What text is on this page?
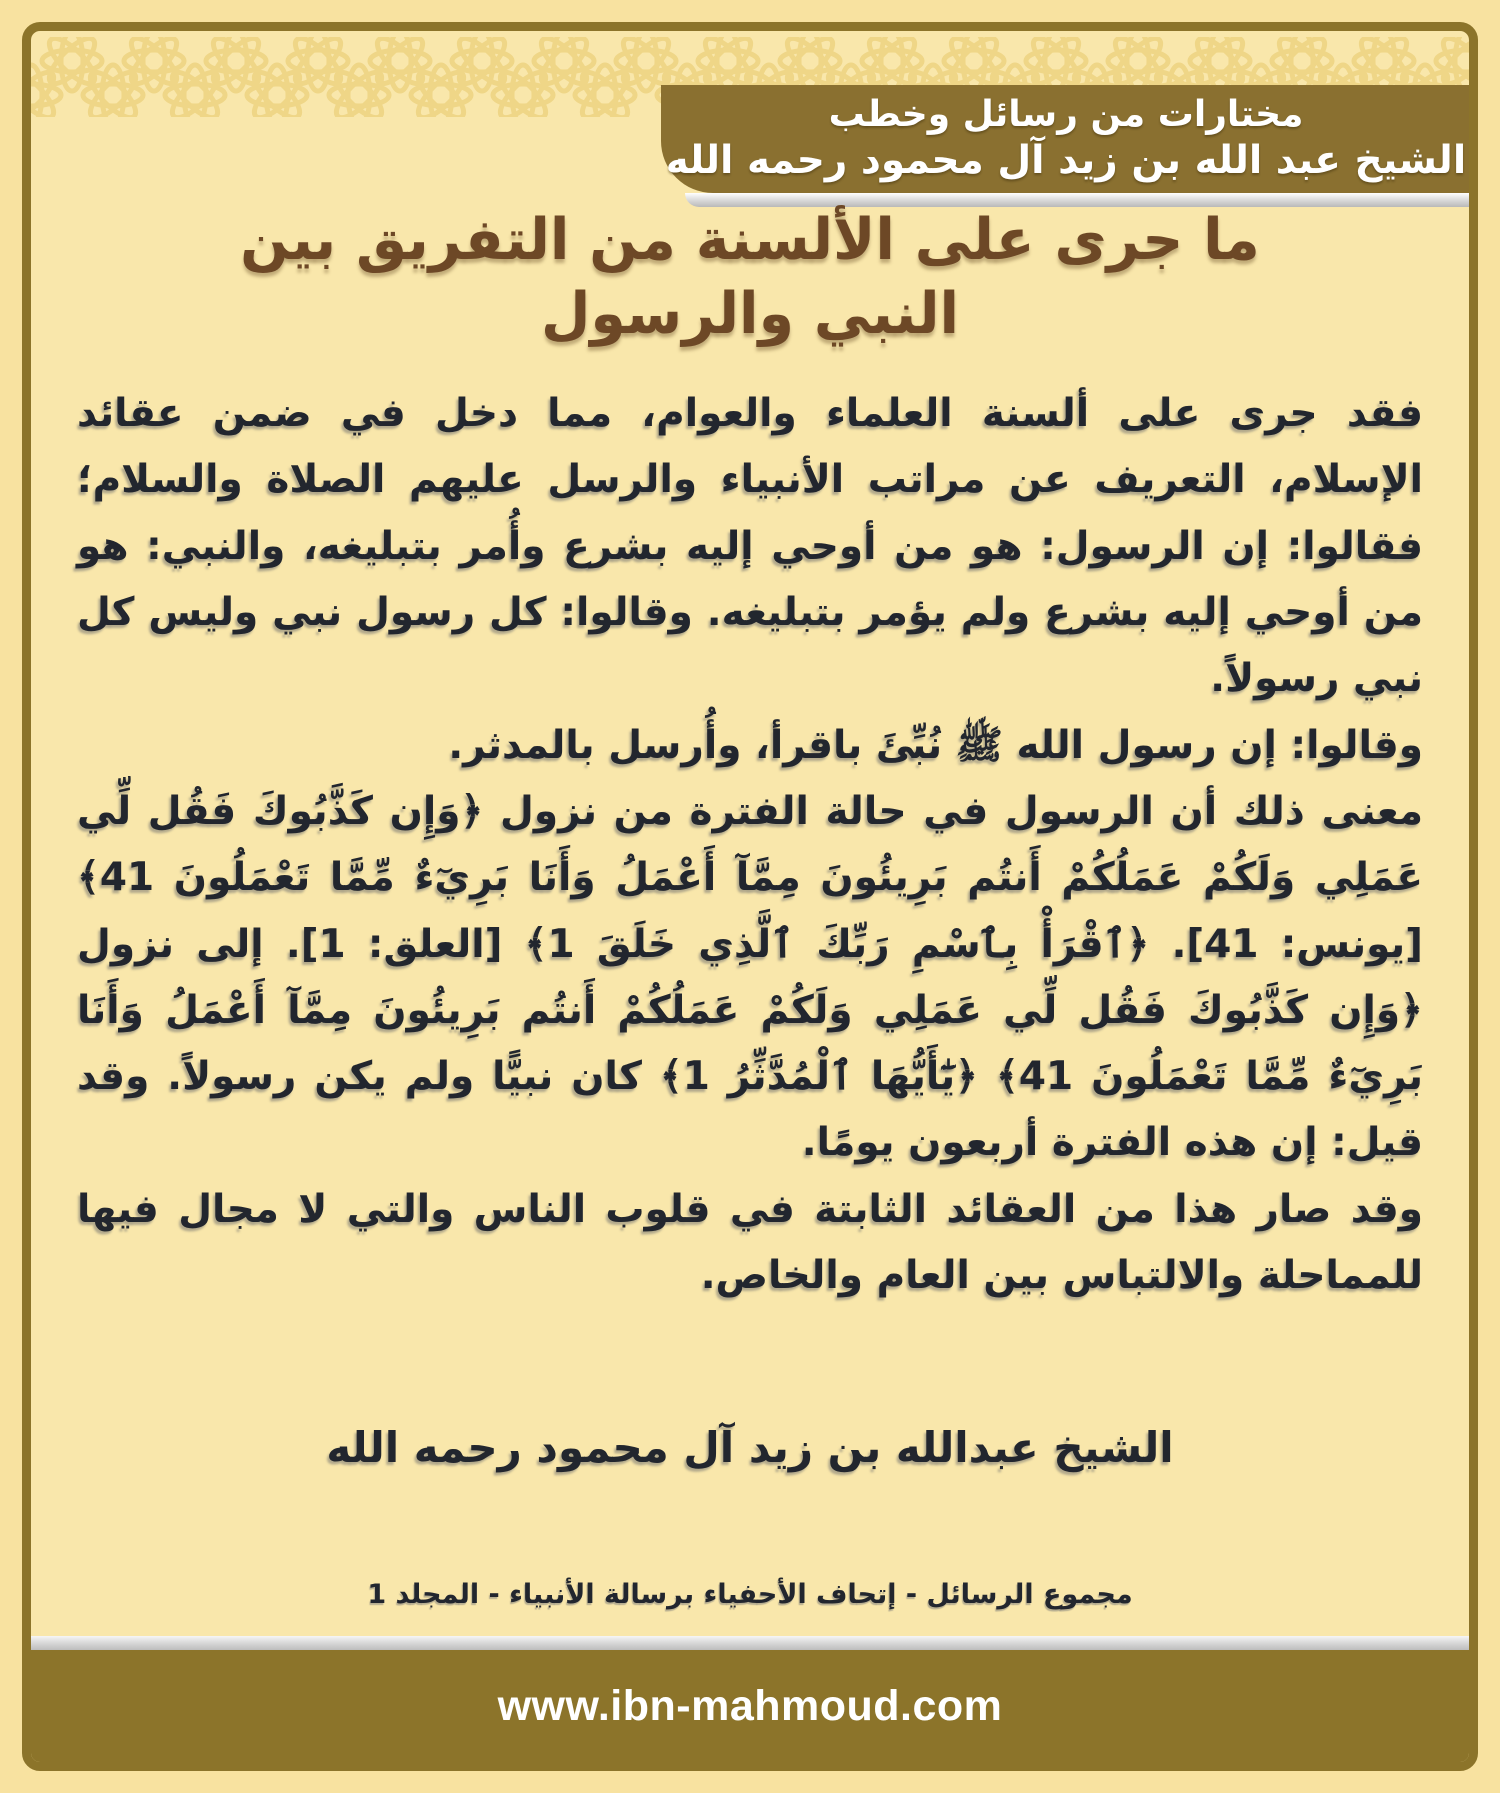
مختارات من رسائل وخطب
الشيخ عبد الله بن زيد آل محمود رحمه الله
ما جرى على الألسنة من التفريق بين النبي والرسول

فقد جرى على ألسنة العلماء والعوام، مما دخل في ضمن عقائد الإسلام، التعريف عن مراتب الأنبياء والرسل عليهم الصلاة والسلام؛ فقالوا: إن الرسول: هو من أوحي إليه بشرع وأُمر بتبليغه، والنبي: هو من أوحي إليه بشرع ولم يؤمر بتبليغه. وقالوا: كل رسول نبي وليس كل نبي رسولاً.

وقالوا: إن رسول الله ﷺ نُبِّئَ باقرأ، وأُرسل بالمدثر.

معنى ذلك أن الرسول في حالة الفترة من نزول ﴿وَإِن كَذَّبُوكَ فَقُل لِّي عَمَلِي وَلَكُمْ عَمَلُكُمْ أَنتُم بَرِيئُونَ مِمَّآ أَعْمَلُ وَأَنَا بَرِيٓءٌ مِّمَّا تَعْمَلُونَ 41﴾ [يونس: 41]. ﴿ٱقْرَأْ بِٱسْمِ رَبِّكَ ٱلَّذِي خَلَقَ 1﴾ [العلق: 1]. إلى نزول ﴿وَإِن كَذَّبُوكَ فَقُل لِّي عَمَلِي وَلَكُمْ عَمَلُكُمْ أَنتُم بَرِيئُونَ مِمَّآ أَعْمَلُ وَأَنَا بَرِيٓءٌ مِّمَّا تَعْمَلُونَ 41﴾ ﴿يَٰٓأَيُّهَا ٱلْمُدَّثِّرُ 1﴾ كان نبيًّا ولم يكن رسولاً. وقد قيل: إن هذه الفترة أربعون يومًا.

وقد صار هذا من العقائد الثابتة في قلوب الناس والتي لا مجال فيها للمماحلة والالتباس بين العام والخاص.

الشيخ عبدالله بن زيد آل محمود رحمه الله
مجموع الرسائل - إتحاف الأحفياء برسالة الأنبياء - المجلد 1
www.ibn-mahmoud.com
